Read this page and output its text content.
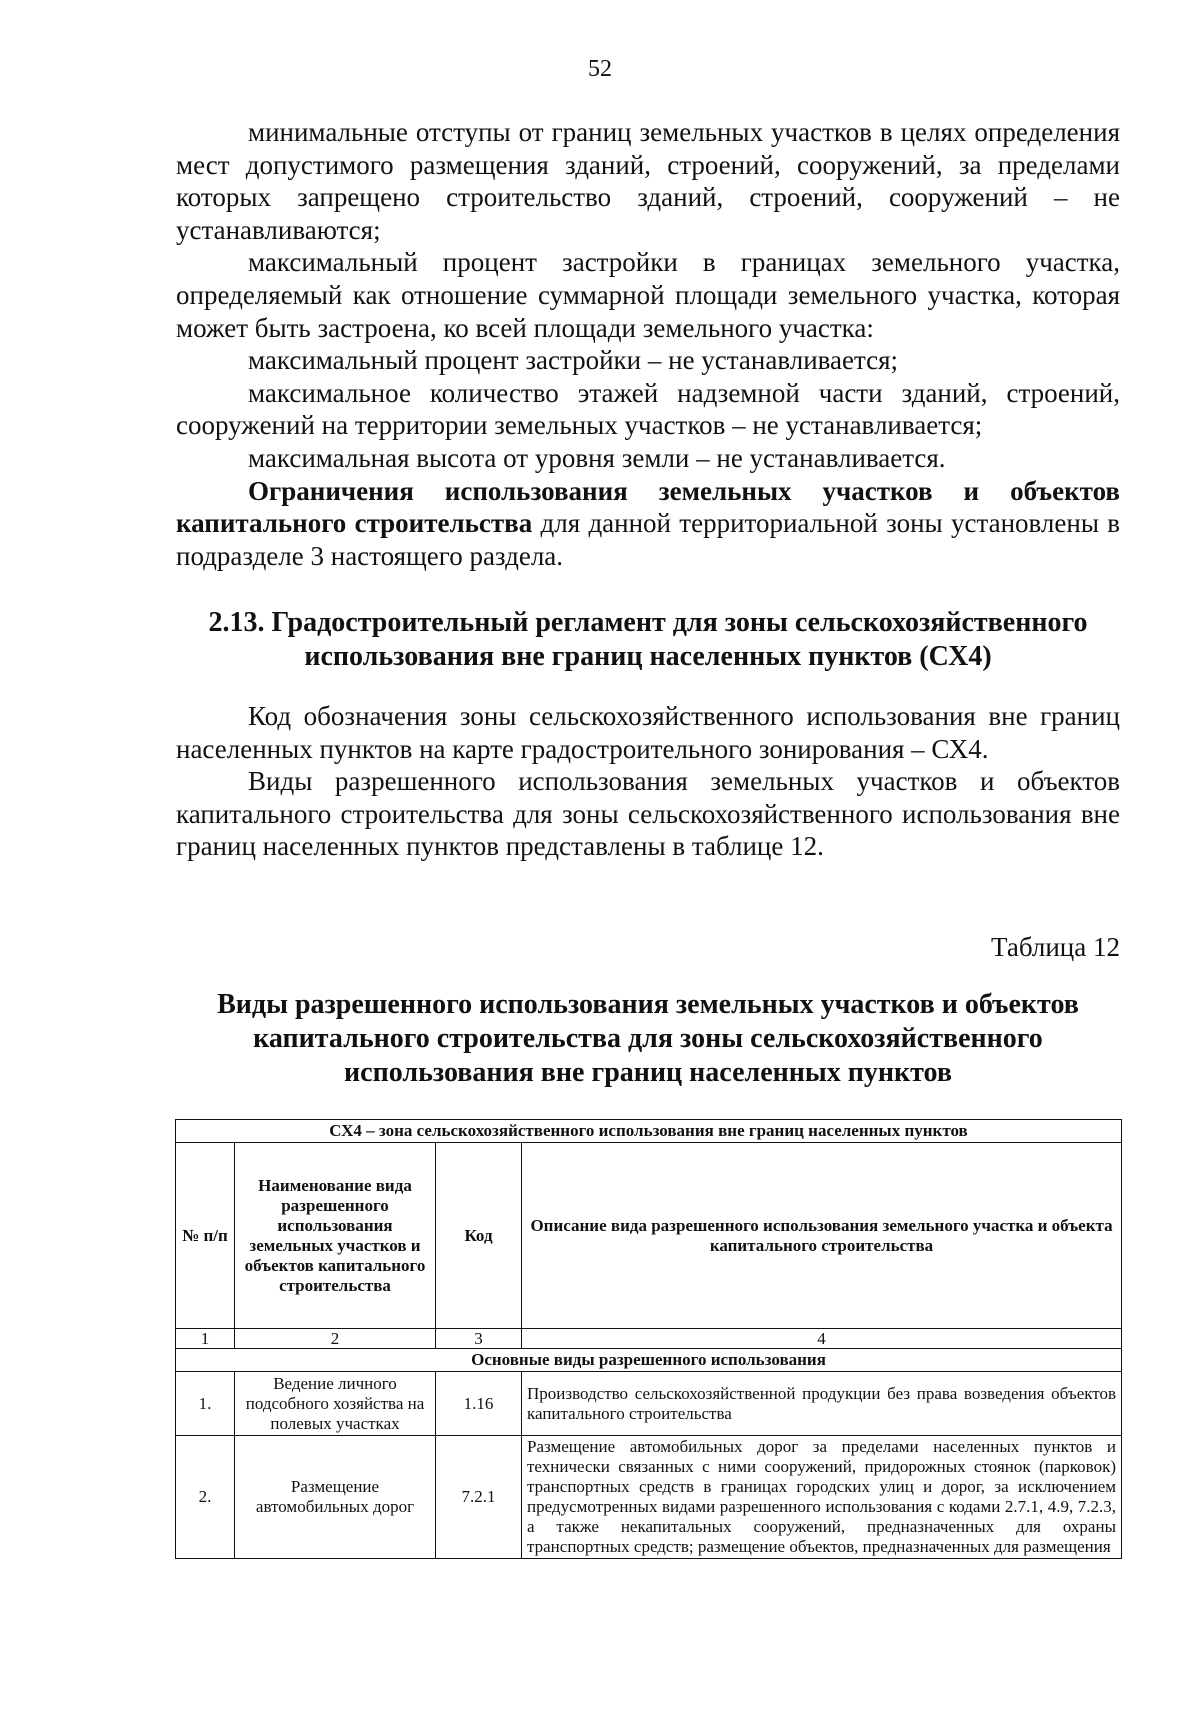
52

минимальные отступы от границ земельных участков в целях определения мест допустимого размещения зданий, строений, сооружений, за пределами которых запрещено строительство зданий, строений, сооружений – не устанавливаются;

максимальный процент застройки в границах земельного участка, определяемый как отношение суммарной площади земельного участка, которая может быть застроена, ко всей площади земельного участка:

максимальный процент застройки – не устанавливается;

максимальное количество этажей надземной части зданий, строений, сооружений на территории земельных участков – не устанавливается;

максимальная высота от уровня земли – не устанавливается.

Ограничения использования земельных участков и объектов капитального строительства для данной территориальной зоны установлены в подразделе 3 настоящего раздела.

2.13. Градостроительный регламент для зоны сельскохозяйственного
использования вне границ населенных пунктов (СХ4)

Код обозначения зоны сельскохозяйственного использования вне границ населенных пунктов на карте градостроительного зонирования – СХ4.

Виды разрешенного использования земельных участков и объектов капитального строительства для зоны сельскохозяйственного использования вне границ населенных пунктов представлены в таблице 12.

Таблица 12
Виды разрешенного использования земельных участков и объектов
капитального строительства для зоны сельскохозяйственного
использования вне границ населенных пунктов
СХ4 – зона сельскохозяйственного использования вне границ населенных пунктов			
№ п/п	Наименование вида разрешенного использования земельных участков и объектов капитального строительства	Код	Описание вида разрешенного использования земельного участка и объекта капитального строительства
1	2	3	4
Основные виды разрешенного использования			
1.	Ведение личного подсобного хозяйства на полевых участках	1.16	Производство сельскохозяйственной продукции без права возведения объектов капитального строительства
2.	Размещение автомобильных дорог	7.2.1	Размещение автомобильных дорог за пределами населенных пунктов и технически связанных с ними сооружений, придорожных стоянок (парковок) транспортных средств в границах городских улиц и дорог, за исключением предусмотренных видами разрешенного использования с кодами 2.7.1, 4.9, 7.2.3, а также некапитальных сооружений, предназначенных для охраны транспортных средств; размещение объектов, предназначенных для размещения
